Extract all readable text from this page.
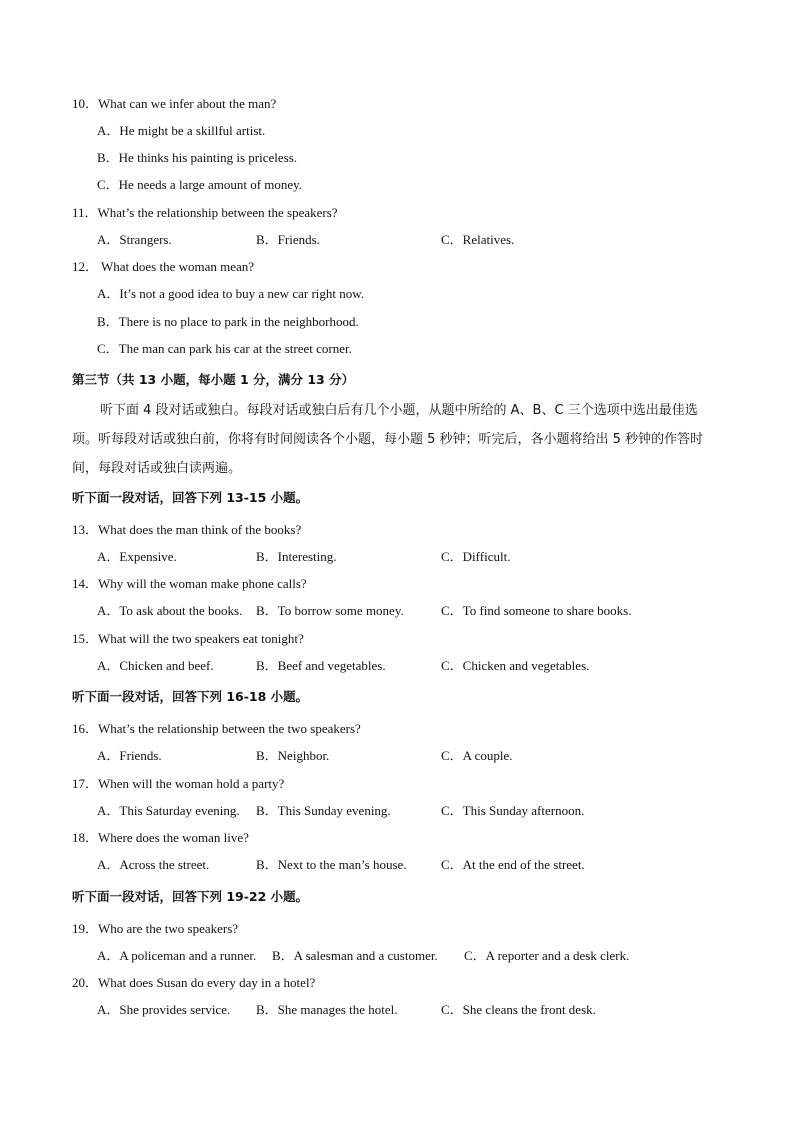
10．What can we infer about the man?
A．He might be a skillful artist.
B．He thinks his painting is priceless.
C．He needs a large amount of money.
11．What’s the relationship between the speakers?
A．Strangers.	B．Friends.	C．Relatives.
12． What does the woman mean?
A．It’s not a good idea to buy a new car right now.
B．There is no place to park in the neighborhood.
C．The man can park his car at the street corner.
第三节（共 13 小题，每小题 1 分，满分 13 分）
听下面 4 段对话或独白。每段对话或独白后有几个小题，从题中所给的 A、B、C 三个选项中选出最佳选项。听每段对话或独白前，你将有时间阅读各个小题，每小题 5 秒钟；听完后，各小题将给出 5 秒钟的作答时间，每段对话或独白读两遍。
听下面一段对话，回答下列 13-15 小题。
13．What does the man think of the books?
A．Expensive.	B．Interesting.	C．Difficult.
14．Why will the woman make phone calls?
A．To ask about the books. B．To borrow some money.	C．To find someone to share books.
15．What will the two speakers eat tonight?
A．Chicken and beef.	B．Beef and vegetables.	C．Chicken and vegetables.
听下面一段对话，回答下列 16-18 小题。
16．What’s the relationship between the two speakers?
A．Friends.	B．Neighbor.	C．A couple.
17．When will the woman hold a party?
A．This Saturday evening. B．This Sunday evening.	C．This Sunday afternoon.
18．Where does the woman live?
A．Across the street.	B．Next to the man’s house.	C．At the end of the street.
听下面一段对话，回答下列 19-22 小题。
19．Who are the two speakers?
A．A policeman and a runner. B．A salesman and a customer. C．A reporter and a desk clerk.
20．What does Susan do every day in a hotel?
A．She provides service. B．She manages the hotel.	C．She cleans the front desk.
